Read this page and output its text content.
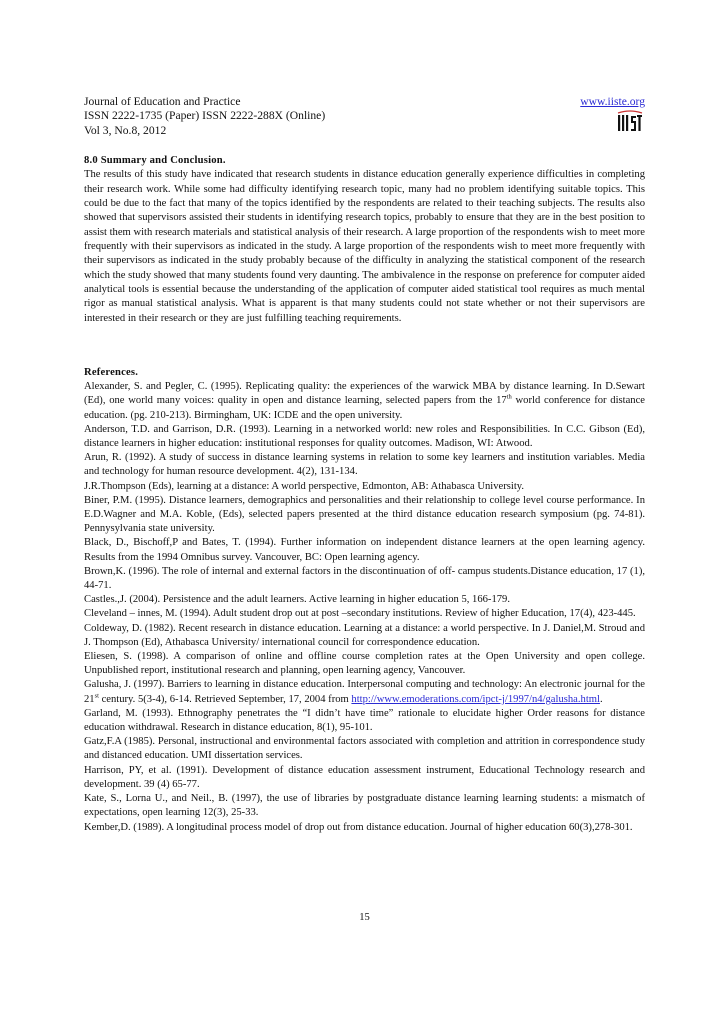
Journal of Education and Practice
ISSN 2222-1735 (Paper) ISSN 2222-288X (Online)
Vol 3, No.8, 2012
www.iiste.org
8.0 Summary and Conclusion.

The results of this study have indicated that research students in distance education generally experience difficulties in completing their research work. While some had difficulty identifying research topic, many had no problem identifying suitable topics. This could be due to the fact that many of the topics identified by the respondents are related to their teaching subjects. The results also showed that supervisors assisted their students in identifying research topics, probably to ensure that they are in the best position to assist them with research materials and statistical analysis of their research. A large proportion of the respondents wish to meet more frequently with their supervisors as indicated in the study. A large proportion of the respondents wish to meet more frequently with their supervisors as indicated in the study probably because of the difficulty in analyzing the statistical component of the research which the study showed that many students found very daunting. The ambivalence in the response on preference for computer aided analytical tools is essential because the understanding of the application of computer aided statistical tool requires as much mental rigor as manual statistical analysis. What is apparent is that many students could not state whether or not their supervisors are interested in their research or they are just fulfilling teaching requirements.

References.

Alexander, S. and Pegler, C. (1995). Replicating quality: the experiences of the warwick MBA by distance learning. In D.Sewart (Ed), one world many voices: quality in open and distance learning, selected papers from the 17th world conference for distance education. (pg. 210-213). Birmingham, UK: ICDE and the open university.

Anderson, T.D. and Garrison, D.R. (1993). Learning in a networked world: new roles and Responsibilities. In C.C. Gibson (Ed), distance learners in higher education: institutional responses for quality outcomes. Madison, WI: Atwood.

Arun, R. (1992). A study of success in distance learning systems in relation to some key learners and institution variables. Media and technology for human resource development. 4(2), 131-134.

J.R.Thompson (Eds), learning at a distance: A world perspective, Edmonton, AB: Athabasca University.

Biner, P.M. (1995). Distance learners, demographics and personalities and their relationship to college level course performance. In E.D.Wagner and M.A. Koble, (Eds), selected papers presented at the third distance education research symposium (pg. 74-81). Pennysylvania state university.

Black, D., Bischoff,P and Bates, T. (1994). Further information on independent distance learners at the open learning agency. Results from the 1994 Omnibus survey. Vancouver, BC: Open learning agency.

Brown,K. (1996). The role of internal and external factors in the discontinuation of off- campus students.Distance education, 17 (1), 44-71.

Castles.,J. (2004). Persistence and the adult learners. Active learning in higher education 5, 166-179.

Cleveland – innes, M. (1994). Adult student drop out at post –secondary institutions. Review of higher Education, 17(4), 423-445.

Coldeway, D. (1982). Recent research in distance education. Learning at a distance: a world perspective. In J. Daniel,M. Stroud and J. Thompson (Ed), Athabasca University/ international council for correspondence education.

Eliesen, S. (1998). A comparison of online and offline course completion rates at the Open University and open college. Unpublished report, institutional research and planning, open learning agency, Vancouver.

Galusha, J. (1997). Barriers to learning in distance education. Interpersonal computing and technology: An electronic journal for the 21st century. 5(3-4), 6-14. Retrieved September, 17, 2004 from http://www.emoderations.com/ipct-j/1997/n4/galusha.html.

Garland, M. (1993). Ethnography penetrates the “I didn’t have time” rationale to elucidate higher Order reasons for distance education withdrawal. Research in distance education, 8(1), 95-101.

Gatz,F.A (1985). Personal, instructional and environmental factors associated with completion and attrition in correspondence study and distanced education. UMI dissertation services.

Harrison, PY, et al. (1991). Development of distance education assessment instrument, Educational Technology research and development. 39 (4) 65-77.

Kate, S., Lorna U., and Neil., B. (1997), the use of libraries by postgraduate distance learning learning students: a mismatch of expectations, open learning 12(3), 25-33.

Kember,D. (1989). A longitudinal process model of drop out from distance education. Journal of higher education 60(3),278-301.

15
